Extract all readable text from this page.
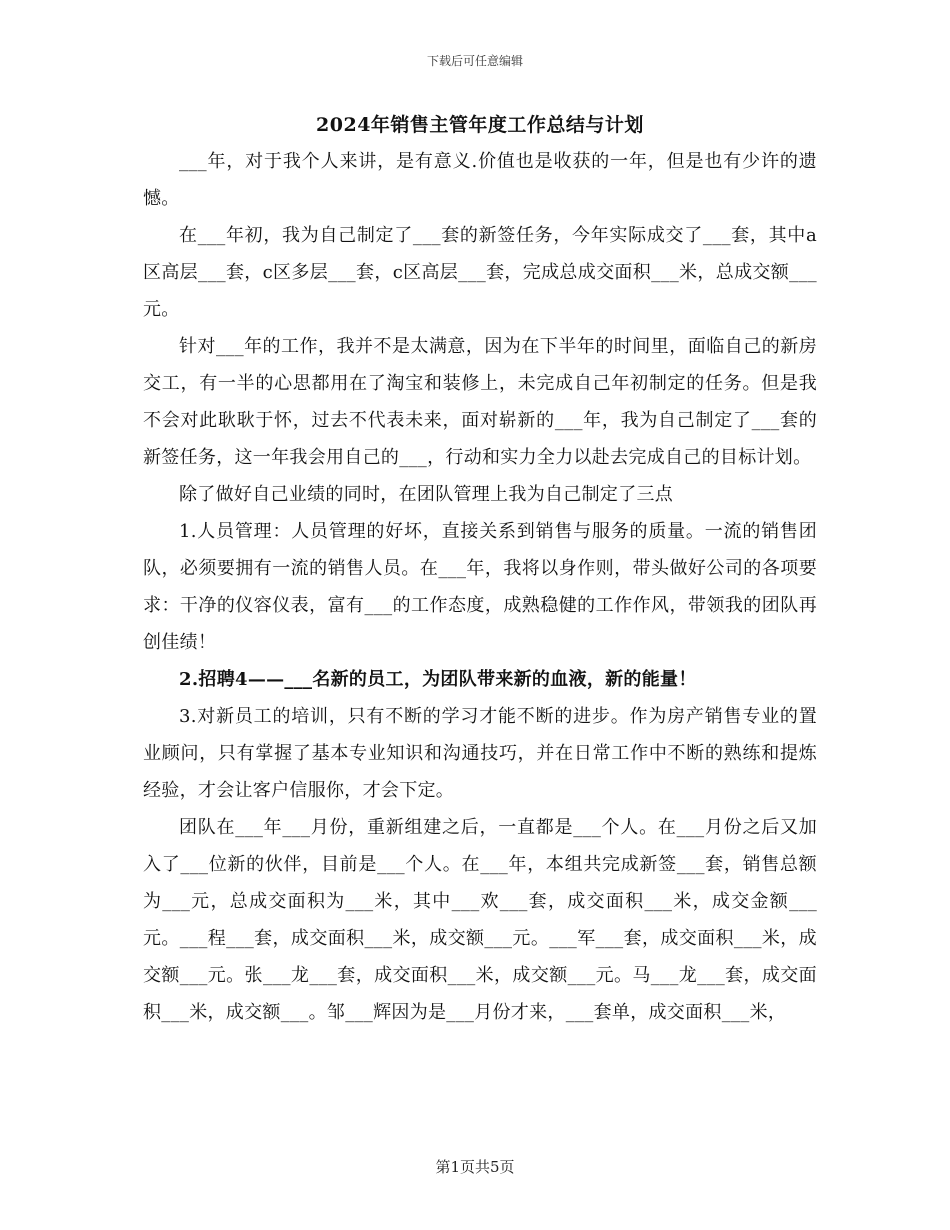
下载后可任意编辑
2024年销售主管年度工作总结与计划

___年，对于我个人来讲，是有意义.价值也是收获的一年，但是也有少许的遗憾。

在___年初，我为自己制定了___套的新签任务，今年实际成交了___套，其中a区高层___套，c区多层___套，c区高层___套，完成总成交面积___米，总成交额___元。

针对___年的工作，我并不是太满意，因为在下半年的时间里，面临自己的新房交工，有一半的心思都用在了淘宝和装修上，未完成自己年初制定的任务。但是我不会对此耿耿于怀，过去不代表未来，面对崭新的___年，我为自己制定了___套的新签任务，这一年我会用自己的___，行动和实力全力以赴去完成自己的目标计划。

除了做好自己业绩的同时，在团队管理上我为自己制定了三点

1.人员管理：人员管理的好坏，直接关系到销售与服务的质量。一流的销售团队，必须要拥有一流的销售人员。在___年，我将以身作则，带头做好公司的各项要求：干净的仪容仪表，富有___的工作态度，成熟稳健的工作作风，带领我的团队再创佳绩！

2.招聘4——___名新的员工，为团队带来新的血液，新的能量！

3.对新员工的培训，只有不断的学习才能不断的进步。作为房产销售专业的置业顾问，只有掌握了基本专业知识和沟通技巧，并在日常工作中不断的熟练和提炼经验，才会让客户信服你，才会下定。

团队在___年___月份，重新组建之后，一直都是___个人。在___月份之后又加入了___位新的伙伴，目前是___个人。在___年，本组共完成新签___套，销售总额为___元，总成交面积为___米，其中___欢___套，成交面积___米，成交金额___元。___程___套，成交面积___米，成交额___元。___军___套，成交面积___米，成交额___元。张___龙___套，成交面积___米，成交额___元。马___龙___套，成交面积___米，成交额___。邹___辉因为是___月份才来，___套单，成交面积___米，

第1页共5页
